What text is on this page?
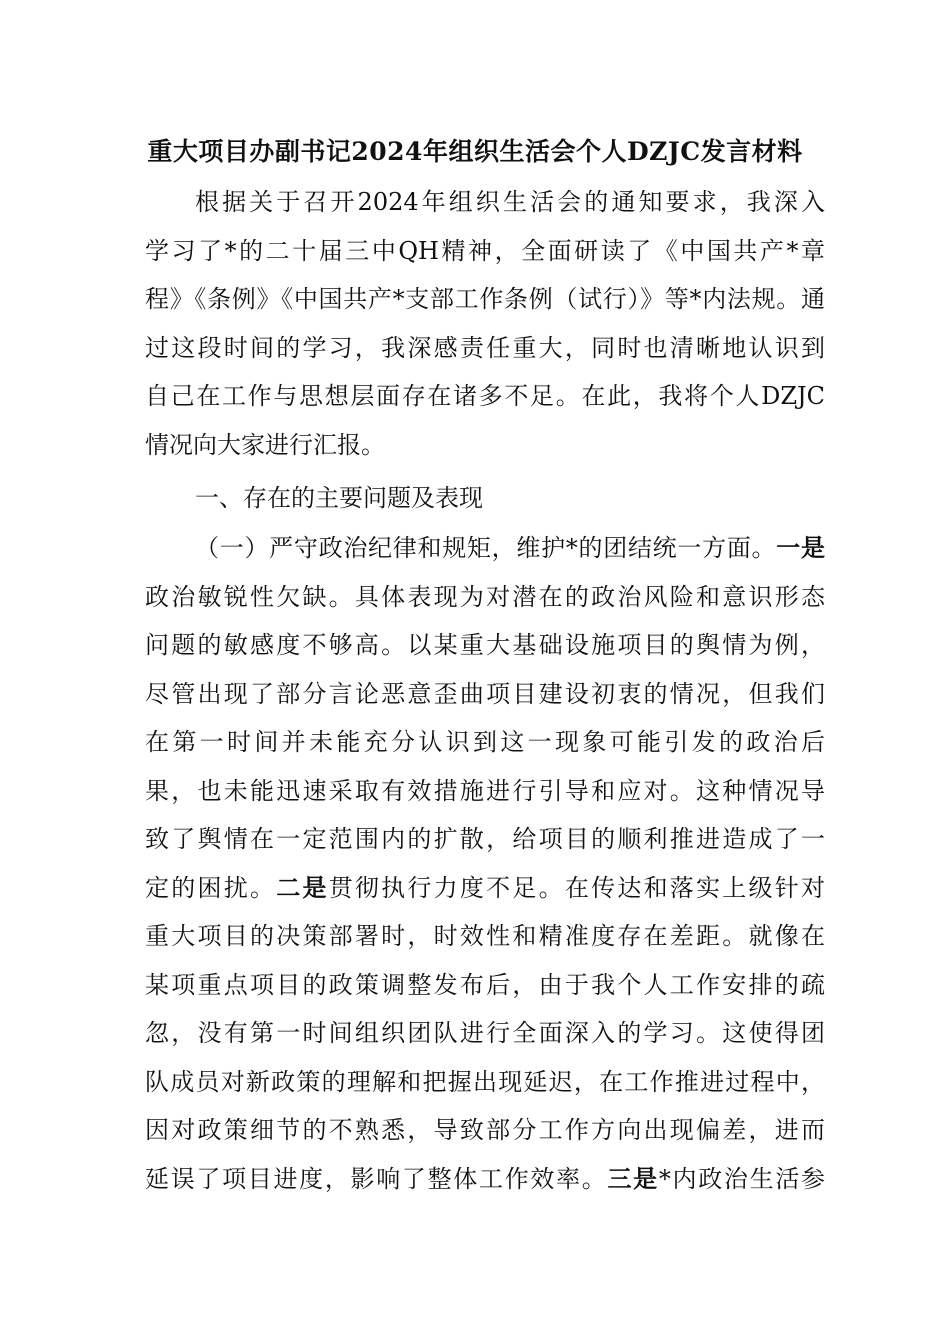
重大项目办副书记2024年组织生活会个人DZJC发言材料
根据关于召开2024年组织生活会的通知要求，我深入
学习了*的二十届三中QH精神，全面研读了《中国共产*章
程》《条例》《中国共产*支部工作条例（试行）》等*内法规。通
过这段时间的学习，我深感责任重大，同时也清晰地认识到
自己在工作与思想层面存在诸多不足。在此，我将个人DZJC
情况向大家进行汇报。
一、存在的主要问题及表现
（一）严守政治纪律和规矩，维护*的团结统一方面。一是
政治敏锐性欠缺。具体表现为对潜在的政治风险和意识形态
问题的敏感度不够高。以某重大基础设施项目的舆情为例，
尽管出现了部分言论恶意歪曲项目建设初衷的情况，但我们
在第一时间并未能充分认识到这一现象可能引发的政治后
果，也未能迅速采取有效措施进行引导和应对。这种情况导
致了舆情在一定范围内的扩散，给项目的顺利推进造成了一
定的困扰。二是贯彻执行力度不足。在传达和落实上级针对
重大项目的决策部署时，时效性和精准度存在差距。就像在
某项重点项目的政策调整发布后，由于我个人工作安排的疏
忽，没有第一时间组织团队进行全面深入的学习。这使得团
队成员对新政策的理解和把握出现延迟，在工作推进过程中，
因对政策细节的不熟悉，导致部分工作方向出现偏差，进而
延误了项目进度，影响了整体工作效率。三是*内政治生活参
